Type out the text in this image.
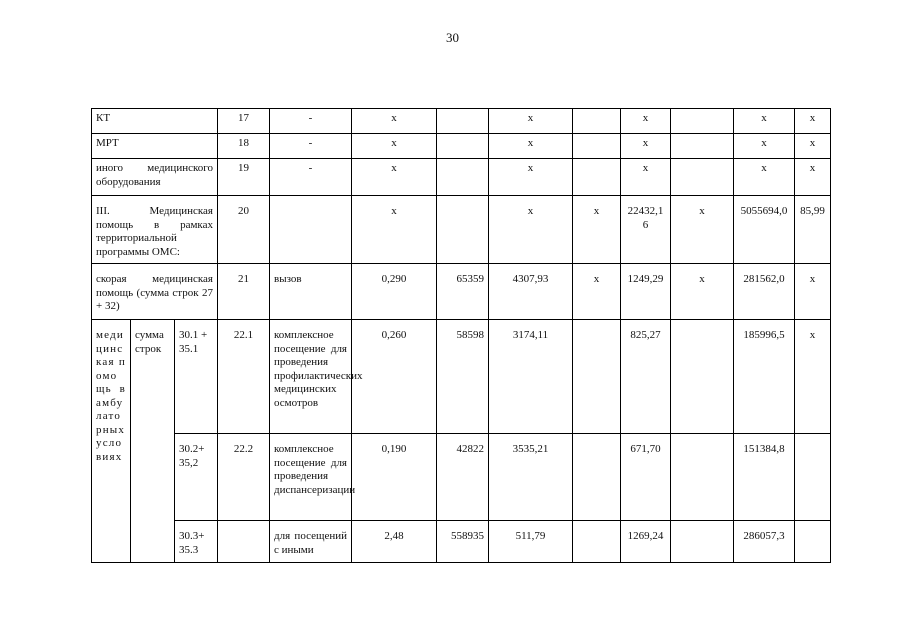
30
КТ			17	-	х		х		х		х	х
МРТ			18	-	х		х		х		х	х
иного медицинского оборудования			19	-	х		х		х		х	х
III. Медицинская помощь в рамках территориальной программы ОМС:			20		х		х	х	22432,16	х	5055694,0	85,99
скорая медицинская помощь (сумма строк 27 + 32)			21	вызов	0,290	65359	4307,93	х	1249,29	х	281562,0	х
медицинская помощь в амбулаторных условиях	сумма строк	30.1 + 35.1	22.1	комплексное посещение для проведения профилактических медицинских осмотров	0,260	58598	3174,11		825,27		185996,5	х
		30.2+ 35,2	22.2	комплексное посещение для проведения диспансеризации	0,190	42822	3535,21		671,70		151384,8	
		30.3+ 35.3		для посещений с иными	2,48	558935	511,79		1269,24		286057,3	
